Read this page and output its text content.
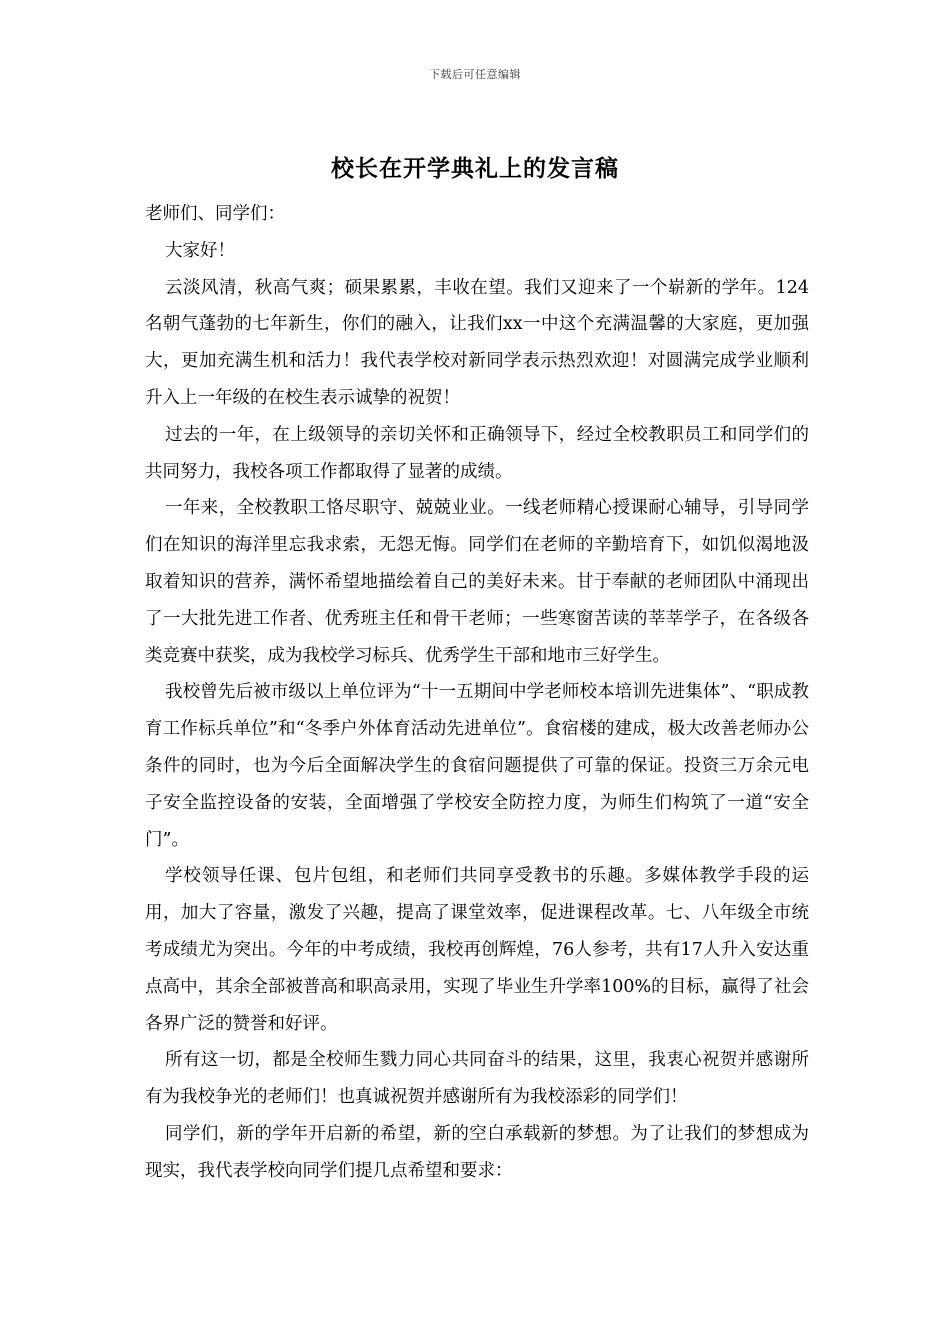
下载后可任意编辑
校长在开学典礼上的发言稿

老师们、同学们：

大家好！

云淡风清，秋高气爽；硕果累累，丰收在望。我们又迎来了一个崭新的学年。124名朝气蓬勃的七年新生，你们的融入，让我们xx一中这个充满温馨的大家庭，更加强大，更加充满生机和活力！我代表学校对新同学表示热烈欢迎！对圆满完成学业顺利升入上一年级的在校生表示诚挚的祝贺！

过去的一年，在上级领导的亲切关怀和正确领导下，经过全校教职员工和同学们的共同努力，我校各项工作都取得了显著的成绩。

一年来，全校教职工恪尽职守、兢兢业业。一线老师精心授课耐心辅导，引导同学们在知识的海洋里忘我求索，无怨无悔。同学们在老师的辛勤培育下，如饥似渴地汲取着知识的营养，满怀希望地描绘着自己的美好未来。甘于奉献的老师团队中涌现出了一大批先进工作者、优秀班主任和骨干老师；一些寒窗苦读的莘莘学子，在各级各类竞赛中获奖，成为我校学习标兵、优秀学生干部和地市三好学生。

我校曾先后被市级以上单位评为“十一五期间中学老师校本培训先进集体”、“职成教育工作标兵单位”和“冬季户外体育活动先进单位”。食宿楼的建成，极大改善老师办公条件的同时，也为今后全面解决学生的食宿问题提供了可靠的保证。投资三万余元电子安全监控设备的安装，全面增强了学校安全防控力度，为师生们构筑了一道“安全门”。

学校领导任课、包片包组，和老师们共同享受教书的乐趣。多媒体教学手段的运用，加大了容量，激发了兴趣，提高了课堂效率，促进课程改革。七、八年级全市统考成绩尤为突出。今年的中考成绩，我校再创辉煌，76人参考，共有17人升入安达重点高中，其余全部被普高和职高录用，实现了毕业生升学率100%的目标，赢得了社会各界广泛的赞誉和好评。

所有这一切，都是全校师生戮力同心共同奋斗的结果，这里，我衷心祝贺并感谢所有为我校争光的老师们！也真诚祝贺并感谢所有为我校添彩的同学们！

同学们，新的学年开启新的希望，新的空白承载新的梦想。为了让我们的梦想成为现实，我代表学校向同学们提几点希望和要求：
